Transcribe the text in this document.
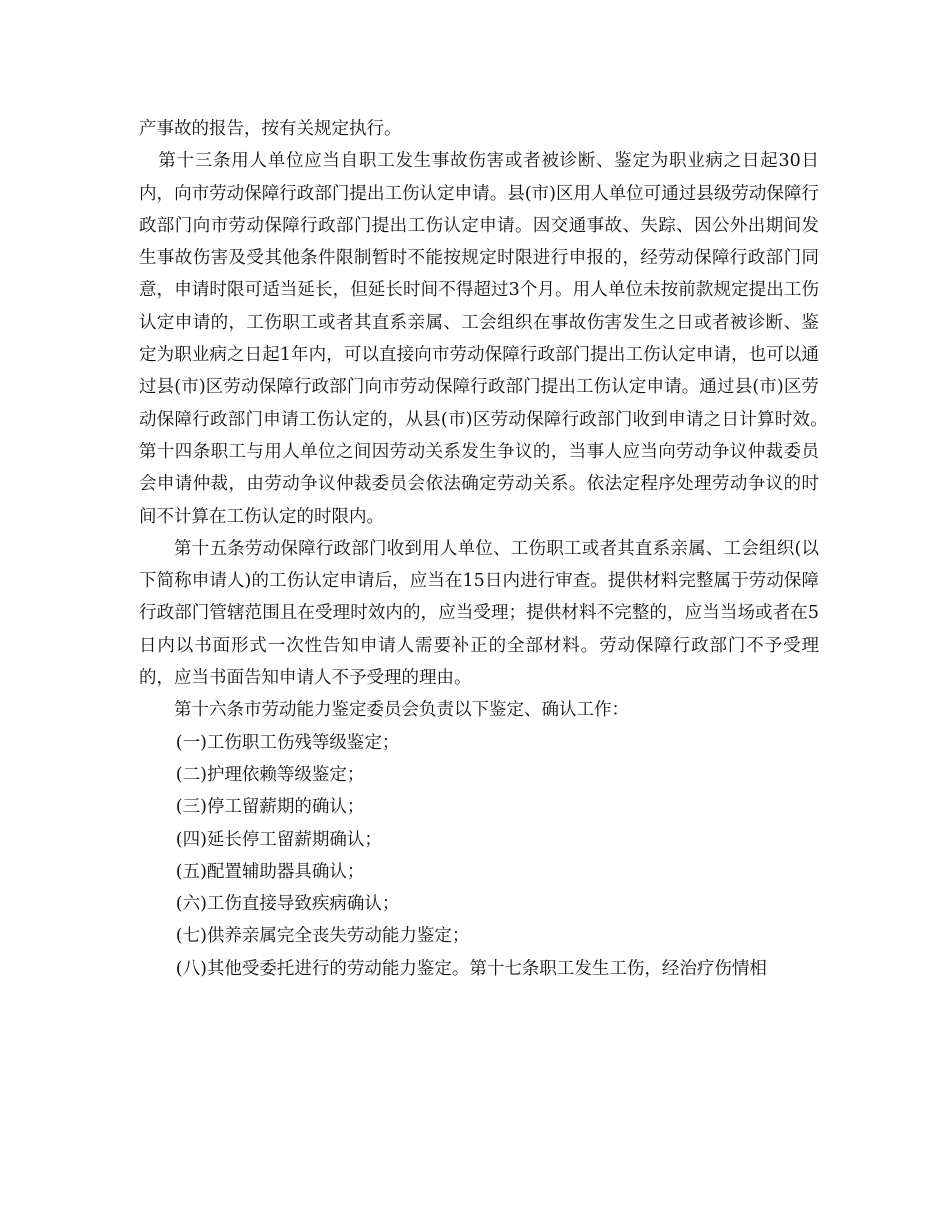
产事故的报告，按有关规定执行。

第十三条用人单位应当自职工发生事故伤害或者被诊断、鉴定为职业病之日起30日内，向市劳动保障行政部门提出工伤认定申请。县(市)区用人单位可通过县级劳动保障行政部门向市劳动保障行政部门提出工伤认定申请。因交通事故、失踪、因公外出期间发生事故伤害及受其他条件限制暂时不能按规定时限进行申报的，经劳动保障行政部门同意，申请时限可适当延长，但延长时间不得超过3个月。用人单位未按前款规定提出工伤认定申请的，工伤职工或者其直系亲属、工会组织在事故伤害发生之日或者被诊断、鉴定为职业病之日起1年内，可以直接向市劳动保障行政部门提出工伤认定申请，也可以通过县(市)区劳动保障行政部门向市劳动保障行政部门提出工伤认定申请。通过县(市)区劳动保障行政部门申请工伤认定的，从县(市)区劳动保障行政部门收到申请之日计算时效。　　第十四条职工与用人单位之间因劳动关系发生争议的，当事人应当向劳动争议仲裁委员会申请仲裁，由劳动争议仲裁委员会依法确定劳动关系。依法定程序处理劳动争议的时间不计算在工伤认定的时限内。

第十五条劳动保障行政部门收到用人单位、工伤职工或者其直系亲属、工会组织(以下简称申请人)的工伤认定申请后，应当在15日内进行审查。提供材料完整属于劳动保障行政部门管辖范围且在受理时效内的，应当受理；提供材料不完整的，应当当场或者在5日内以书面形式一次性告知申请人需要补正的全部材料。劳动保障行政部门不予受理的，应当书面告知申请人不予受理的理由。

第十六条市劳动能力鉴定委员会负责以下鉴定、确认工作：

(一)工伤职工伤残等级鉴定；

(二)护理依赖等级鉴定；

(三)停工留薪期的确认；

(四)延长停工留薪期确认；

(五)配置辅助器具确认；

(六)工伤直接导致疾病确认；

(七)供养亲属完全丧失劳动能力鉴定；

(八)其他受委托进行的劳动能力鉴定。第十七条职工发生工伤，经治疗伤情相
